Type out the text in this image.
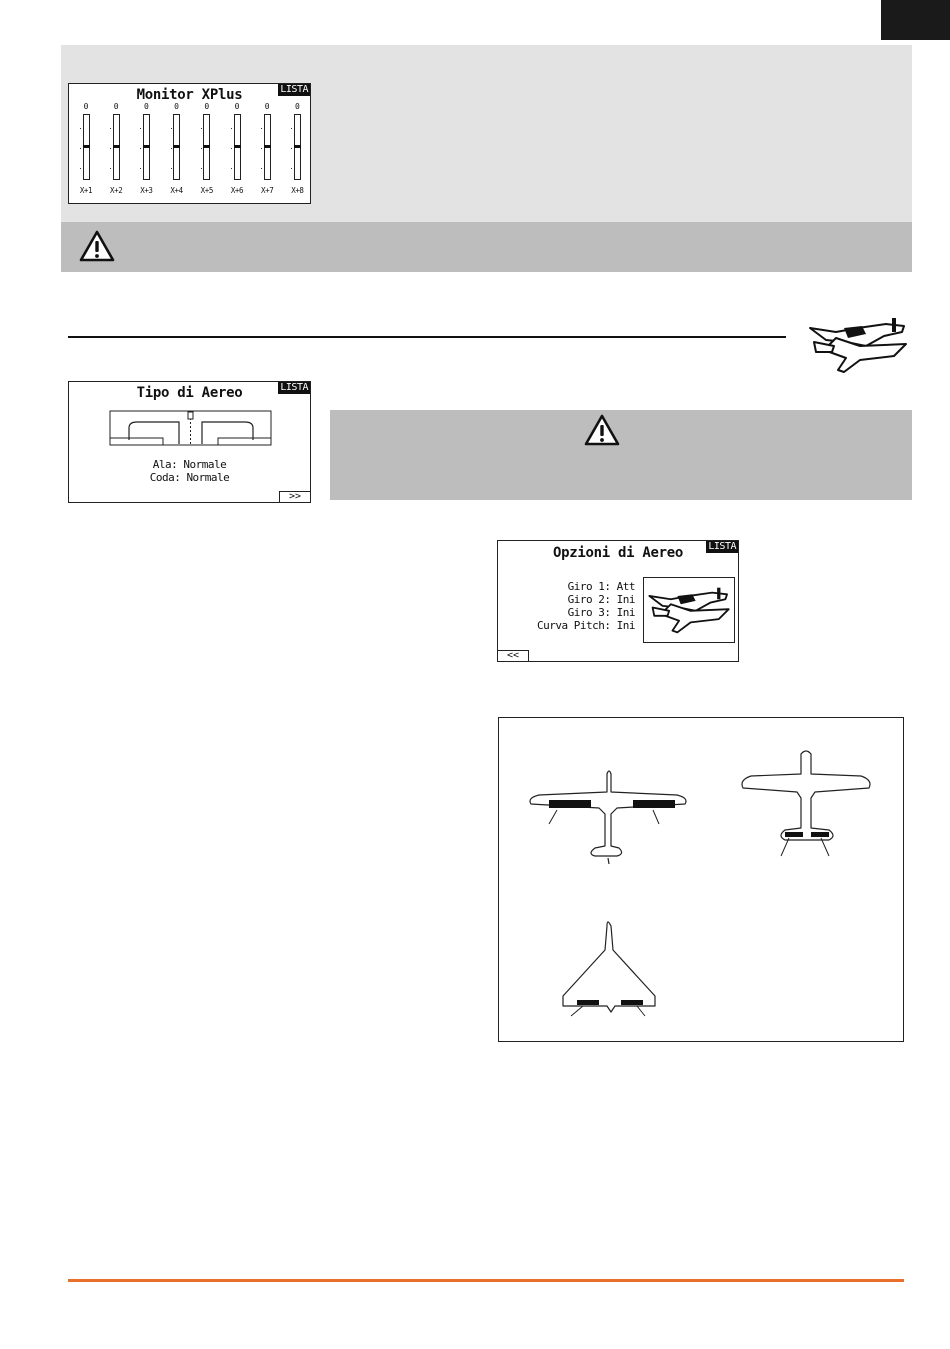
Monitor XPlus	LISTA
0
X+1
0
X+2
0
X+3
0
X+4
0
X+5
0
X+6
0
X+7
0
X+8
Tipo di Aereo	LISTA
Ala: Normale
Coda: Normale
>>
Opzioni di Aereo	LISTA
Giro 1: Att
Giro 2: Ini
Giro 3: Ini
Curva Pitch: Ini
<<
